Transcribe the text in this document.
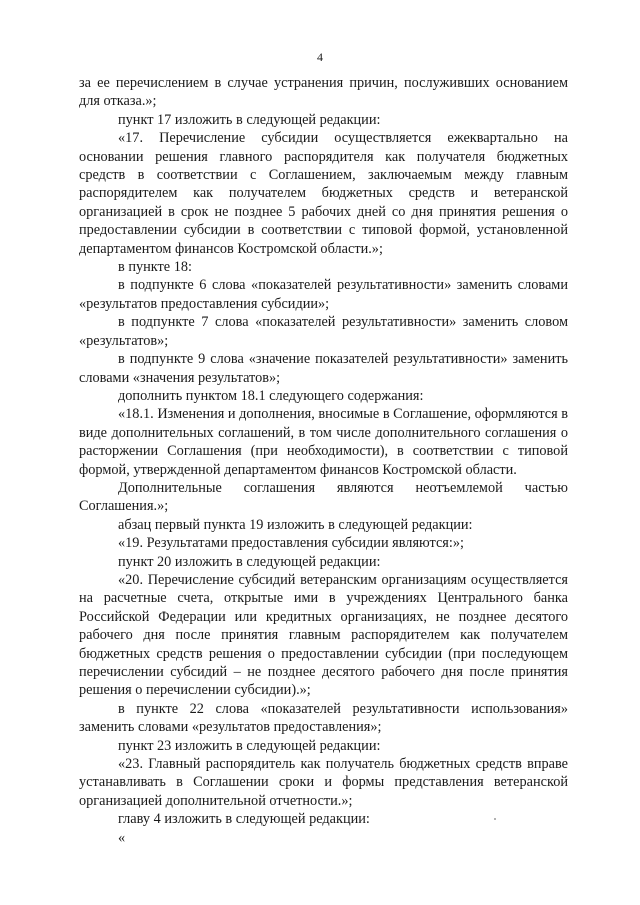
4

за ее перечислением в случае устранения причин, послуживших основанием для отказа.»;

пункт 17 изложить в следующей редакции:

«17. Перечисление субсидии осуществляется ежеквартально на основании решения главного распорядителя как получателя бюджетных средств в соответствии с Соглашением, заключаемым между главным распорядителем как получателем бюджетных средств и ветеранской организацией в срок не позднее 5 рабочих дней со дня принятия решения о предоставлении субсидии в соответствии с типовой формой, установленной департаментом финансов Костромской области.»;

в пункте 18:

в подпункте 6 слова «показателей результативности» заменить словами «результатов предоставления субсидии»;

в подпункте 7 слова «показателей результативности» заменить словом «результатов»;

в подпункте 9 слова «значение показателей результативности» заменить словами «значения результатов»;

дополнить пунктом 18.1 следующего содержания:

«18.1. Изменения и дополнения, вносимые в Соглашение, оформляются в виде дополнительных соглашений, в том числе дополнительного соглашения о расторжении Соглашения (при необходимости), в соответствии с типовой формой, утвержденной департаментом финансов Костромской области.

Дополнительные соглашения являются неотъемлемой частью Соглашения.»;

абзац первый пункта 19 изложить в следующей редакции:

«19. Результатами предоставления субсидии являются:»;

пункт 20 изложить в следующей редакции:

«20. Перечисление субсидий ветеранским организациям осуществляется на расчетные счета, открытые ими в учреждениях Центрального банка Российской Федерации или кредитных организациях, не позднее десятого рабочего дня после принятия главным распорядителем как получателем бюджетных средств решения о предоставлении субсидии (при последующем перечислении субсидий – не позднее десятого рабочего дня после принятия решения о перечислении субсидии).»;

в пункте 22 слова «показателей результативности использования» заменить словами «результатов предоставления»;

пункт 23 изложить в следующей редакции:

«23. Главный распорядитель как получатель бюджетных средств вправе устанавливать в Соглашении сроки и формы представления ветеранской организацией дополнительной отчетности.»;

главу 4 изложить в следующей редакции:

«
